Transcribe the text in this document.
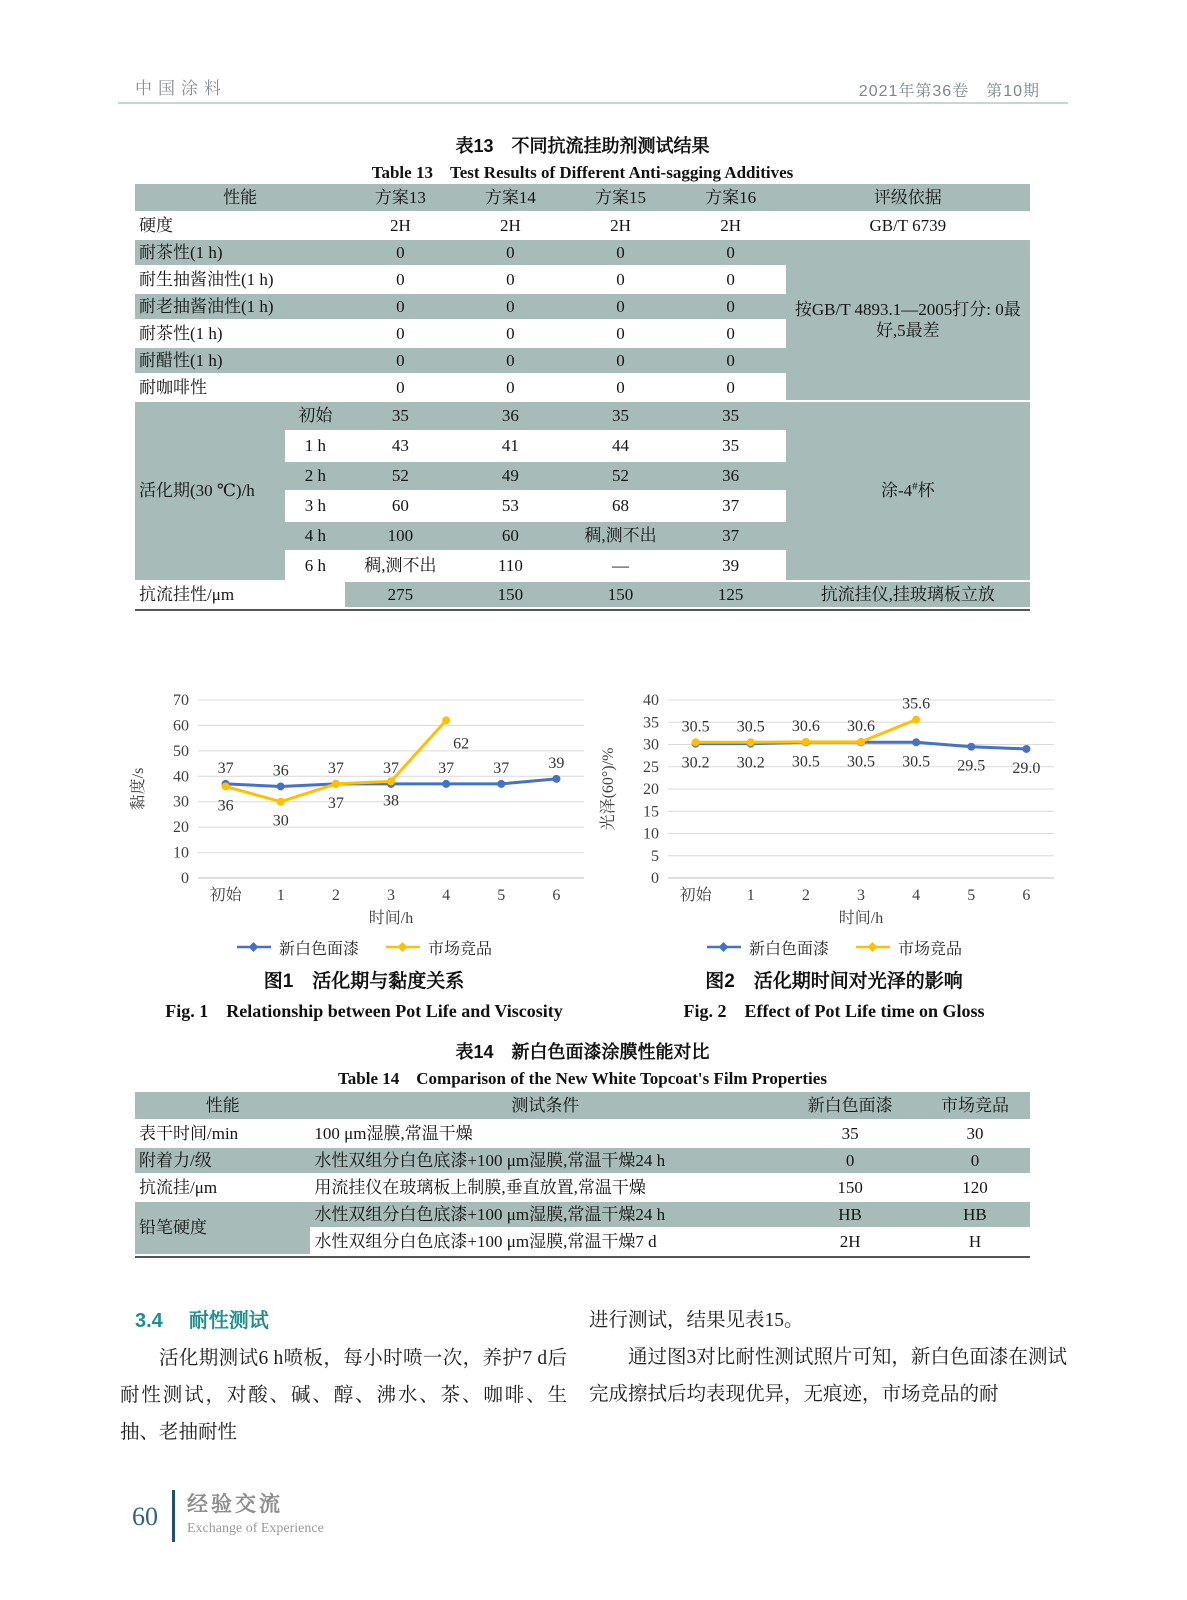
中国涂料	2021年第36卷　第10期
表13　不同抗流挂助剂测试结果
Table 13　Test Results of Different Anti-sagging Additives
性能		方案13	方案14	方案15	方案16	评级依据
硬度		2H	2H	2H	2H	GB/T 6739
耐茶性(1 h)		0	0	0	0	按GB/T 4893.1—2005打分: 0最好,5最差
耐生抽酱油性(1 h)		0	0	0	0	
耐老抽酱油性(1 h)		0	0	0	0	
耐茶性(1 h)		0	0	0	0	
耐醋性(1 h)		0	0	0	0	
耐咖啡性		0	0	0	0	
活化期(30 ℃)/h	初始	35	36	35	35	涂-4#杯
	1 h	43	41	44	35	
	2 h	52	49	52	36	
	3 h	60	53	68	37	
	4 h	100	60	稠,测不出	37	
	6 h	稠,测不出	110	—	39	
抗流挂性/μm		275	150	150	125	抗流挂仪,挂玻璃板立放
0
10
20
30
40
50
60
70
初始 1	2	3	4	5	6
时间/h
黏度/s	37 36 37 37 37 37 39
36
30
37 38
62
新白色面漆	市场竞品
图1　活化期与黏度关系
Fig. 1　Relationship between Pot Life and Viscosity
0
5
10
15
20
25
30
35
40
初始 1	2	3	4	5	6
时间/h
光泽(60°)/%	30.2 30.2 30.5 30.5 30.5 29.5 29.0
30.5 30.5 30.6 30.6
35.6
新白色面漆	市场竞品
图2　活化期时间对光泽的影响
Fig. 2　Effect of Pot Life time on Gloss
表14　新白色面漆涂膜性能对比
Table 14　Comparison of the New White Topcoat's Film Properties
性能	测试条件	新白色面漆	市场竞品
表干时间/min	100 μm湿膜,常温干燥	35	30
附着力/级	水性双组分白色底漆+100 μm湿膜,常温干燥24 h	0	0
抗流挂/μm	用流挂仪在玻璃板上制膜,垂直放置,常温干燥	150	120
铅笔硬度	水性双组分白色底漆+100 μm湿膜,常温干燥24 h	HB	HB
	水性双组分白色底漆+100 μm湿膜,常温干燥7 d	2H	H
3.4 耐性测试

活化期测试6 h喷板，每小时喷一次，养护7 d后耐性测试，对酸、碱、醇、沸水、茶、咖啡、生抽、老抽耐性

进行测试，结果见表15。

通过图3对比耐性测试照片可知，新白色面漆在测试完成擦拭后均表现优异，无痕迹，市场竞品的耐

60 经验交流
Exchange of Experience
